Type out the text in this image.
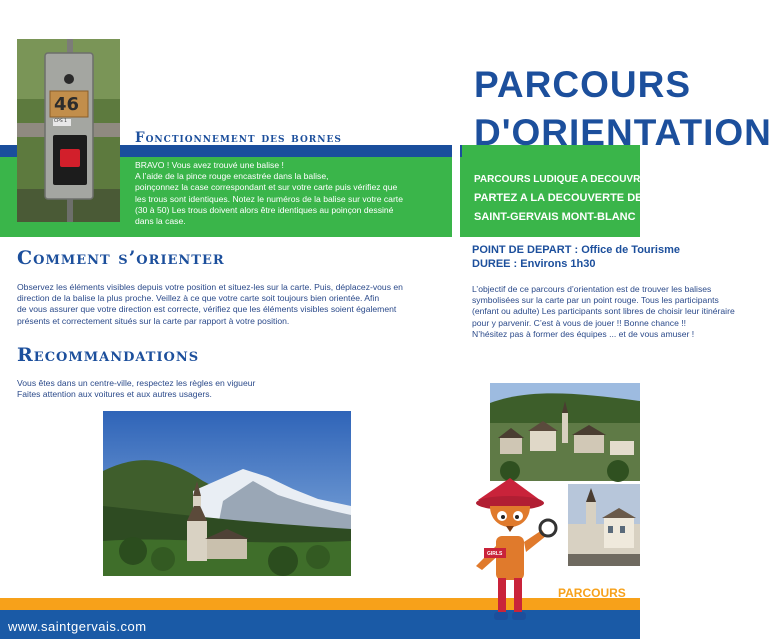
46
CPS 1
Fonctionnement des bornes
BRAVO ! Vous avez trouvé une balise !
A l’aide de la pince rouge encastrée dans la balise,
poinçonnez la case correspondant et sur votre carte puis vérifiez que
les trous sont identiques. Notez le numéros de la balise sur votre carte
(30 à 50) Les trous doivent alors être identiques au poinçon dessiné
dans la case.
Comment s’orienter
Observez les éléments visibles depuis votre position et situez-les sur la carte. Puis, déplacez-vous en
direction de la balise la plus proche. Veillez à ce que votre carte soit toujours bien orientée. Afin
de vous assurer que votre direction est correcte, vérifiez que les éléments visibles soient également
présents et correctement situés sur la carte par rapport à votre position.
Recommandations
Vous êtes dans un centre-ville, respectez les règles en vigueur
Faites attention aux voitures et aux autres usagers.
www.saintgervais.com
PARCOURS
D'ORIENTATION
PARCOURS LUDIQUE A DECOUVRIR
PARTEZ A LA DECOUVERTE DE
SAINT-GERVAIS MONT-BLANC
POINT DE DEPART : Office de Tourisme
DUREE : Environs 1h30
L’objectif de ce parcours d’orientation est de trouver les balises
symbolisées sur la carte par un point rouge. Tous les participants
(enfant ou adulte) Les participants sont libres de choisir leur itinéraire
pour y parvenir. C’est à vous de jouer !! Bonne chance !!
N’hésitez pas à former des équipes ... et de vous amuser !
GIRLS
PARCOURS
